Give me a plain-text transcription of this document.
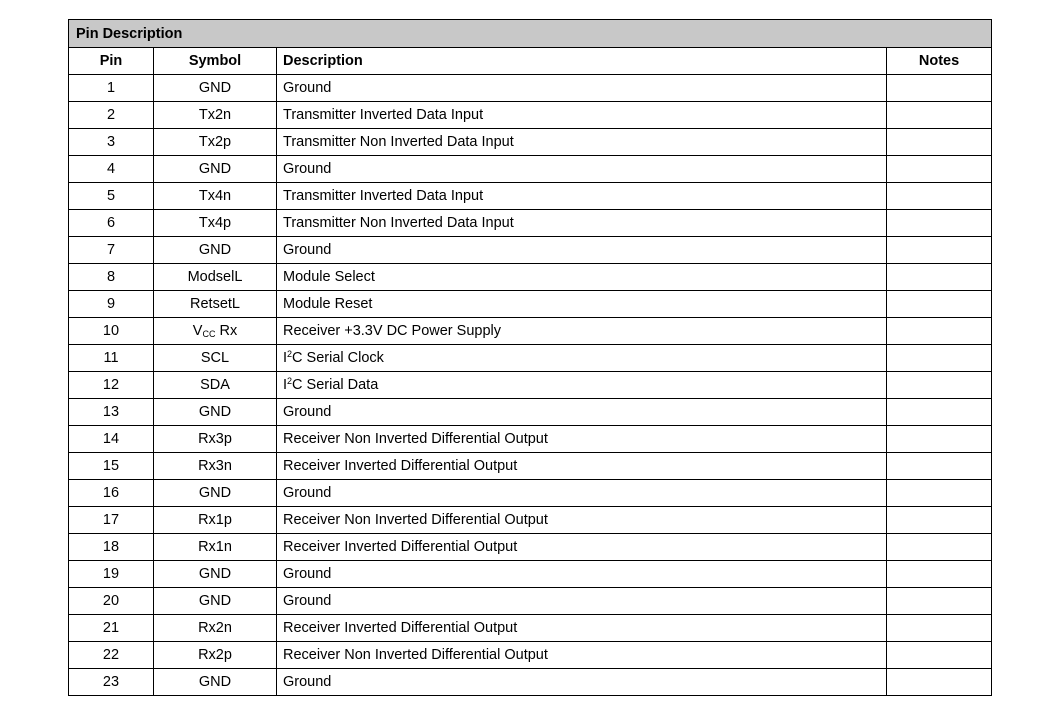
Pin Description			
Pin	Symbol	Description	Notes
1	GND	Ground	
2	Tx2n	Transmitter Inverted Data Input	
3	Tx2p	Transmitter Non Inverted Data Input	
4	GND	Ground	
5	Tx4n	Transmitter Inverted Data Input	
6	Tx4p	Transmitter Non Inverted Data Input	
7	GND	Ground	
8	ModselL	Module Select	
9	RetsetL	Module Reset	
10	$V_{CC}$ Rx	Receiver +3.3V DC Power Supply	
11	SCL	$I^2C$ Serial Clock	
12	SDA	$I^2C$ Serial Data	
13	GND	Ground	
14	Rx3p	Receiver Non Inverted Differential Output	
15	Rx3n	Receiver Inverted Differential Output	
16	GND	Ground	
17	Rx1p	Receiver Non Inverted Differential Output	
18	Rx1n	Receiver Inverted Differential Output	
19	GND	Ground	
20	GND	Ground	
21	Rx2n	Receiver Inverted Differential Output	
22	Rx2p	Receiver Non Inverted Differential Output	
23	GND	Ground	
